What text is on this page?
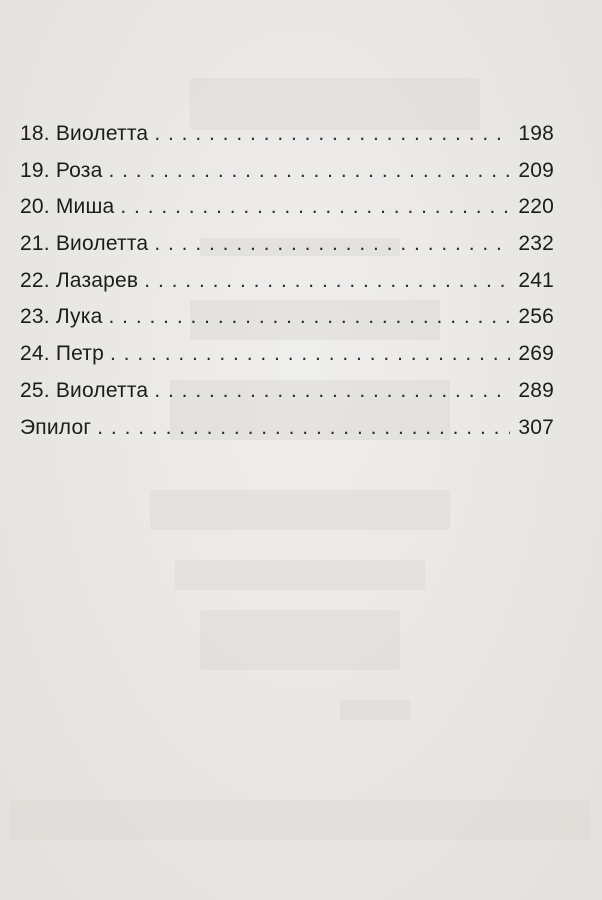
18. Виолетта . . .	198
19. Роза . . .	209
20. Миша . . .	220
21. Виолетта . . .	232
22. Лазарев . . .	241
23. Лука . . .	256
24. Петр . . .	269
25. Виолетта . . .	289
Эпилог . . .	307
